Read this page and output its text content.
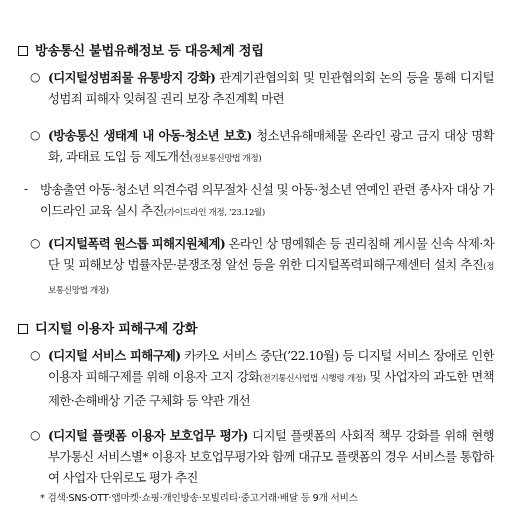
방송통신 불법유해정보 등 대응체계 정립
○ (디지털성범죄물 유통방지 강화) 관계기관협의회 및 민관협의회 논의 등을 통해 디지털성범죄 피해자 잊혀질 권리 보장 추진계획 마련
○ (방송통신 생태계 내 아동·청소년 보호) 청소년유해매체물 온라인 광고 금지 대상 명확화, 과태료 도입 등 제도개선(정보통신망법 개정)
-	방송출연 아동·청소년 의견수렴 의무절차 신설 및 아동·청소년 연예인 관련 종사자 대상 가이드라인 교육 실시 추진(가이드라인 개정, ’23.12월)
○ (디지털폭력 원스톱 피해지원체계) 온라인 상 명예훼손 등 권리침해 게시물 신속 삭제·차단 및 피해보상 법률자문·분쟁조정 알선 등을 위한 디지털폭력피해구제센터 설치 추진(정보통신망법 개정)
디지털 이용자 피해구제 강화
○ (디지털 서비스 피해구제) 카카오 서비스 중단(’22.10월) 등 디지털 서비스 장애로 인한 이용자 피해구제를 위해 이용자 고지 강화(전기통신사업법 시행령 개정) 및 사업자의 과도한 면책 제한·손해배상 기준 구체화 등 약관 개선
○ (디지털 플랫폼 이용자 보호업무 평가) 디지털 플랫폼의 사회적 책무 강화를 위해 현행 부가통신 서비스별* 이용자 보호업무평가와 함께 대규모 플랫폼의 경우 서비스를 통합하여 사업자 단위로도 평가 추진
* 검색·SNS·OTT·앱마켓·쇼핑·개인방송·모빌리티·중고거래·배달 등 9개 서비스
